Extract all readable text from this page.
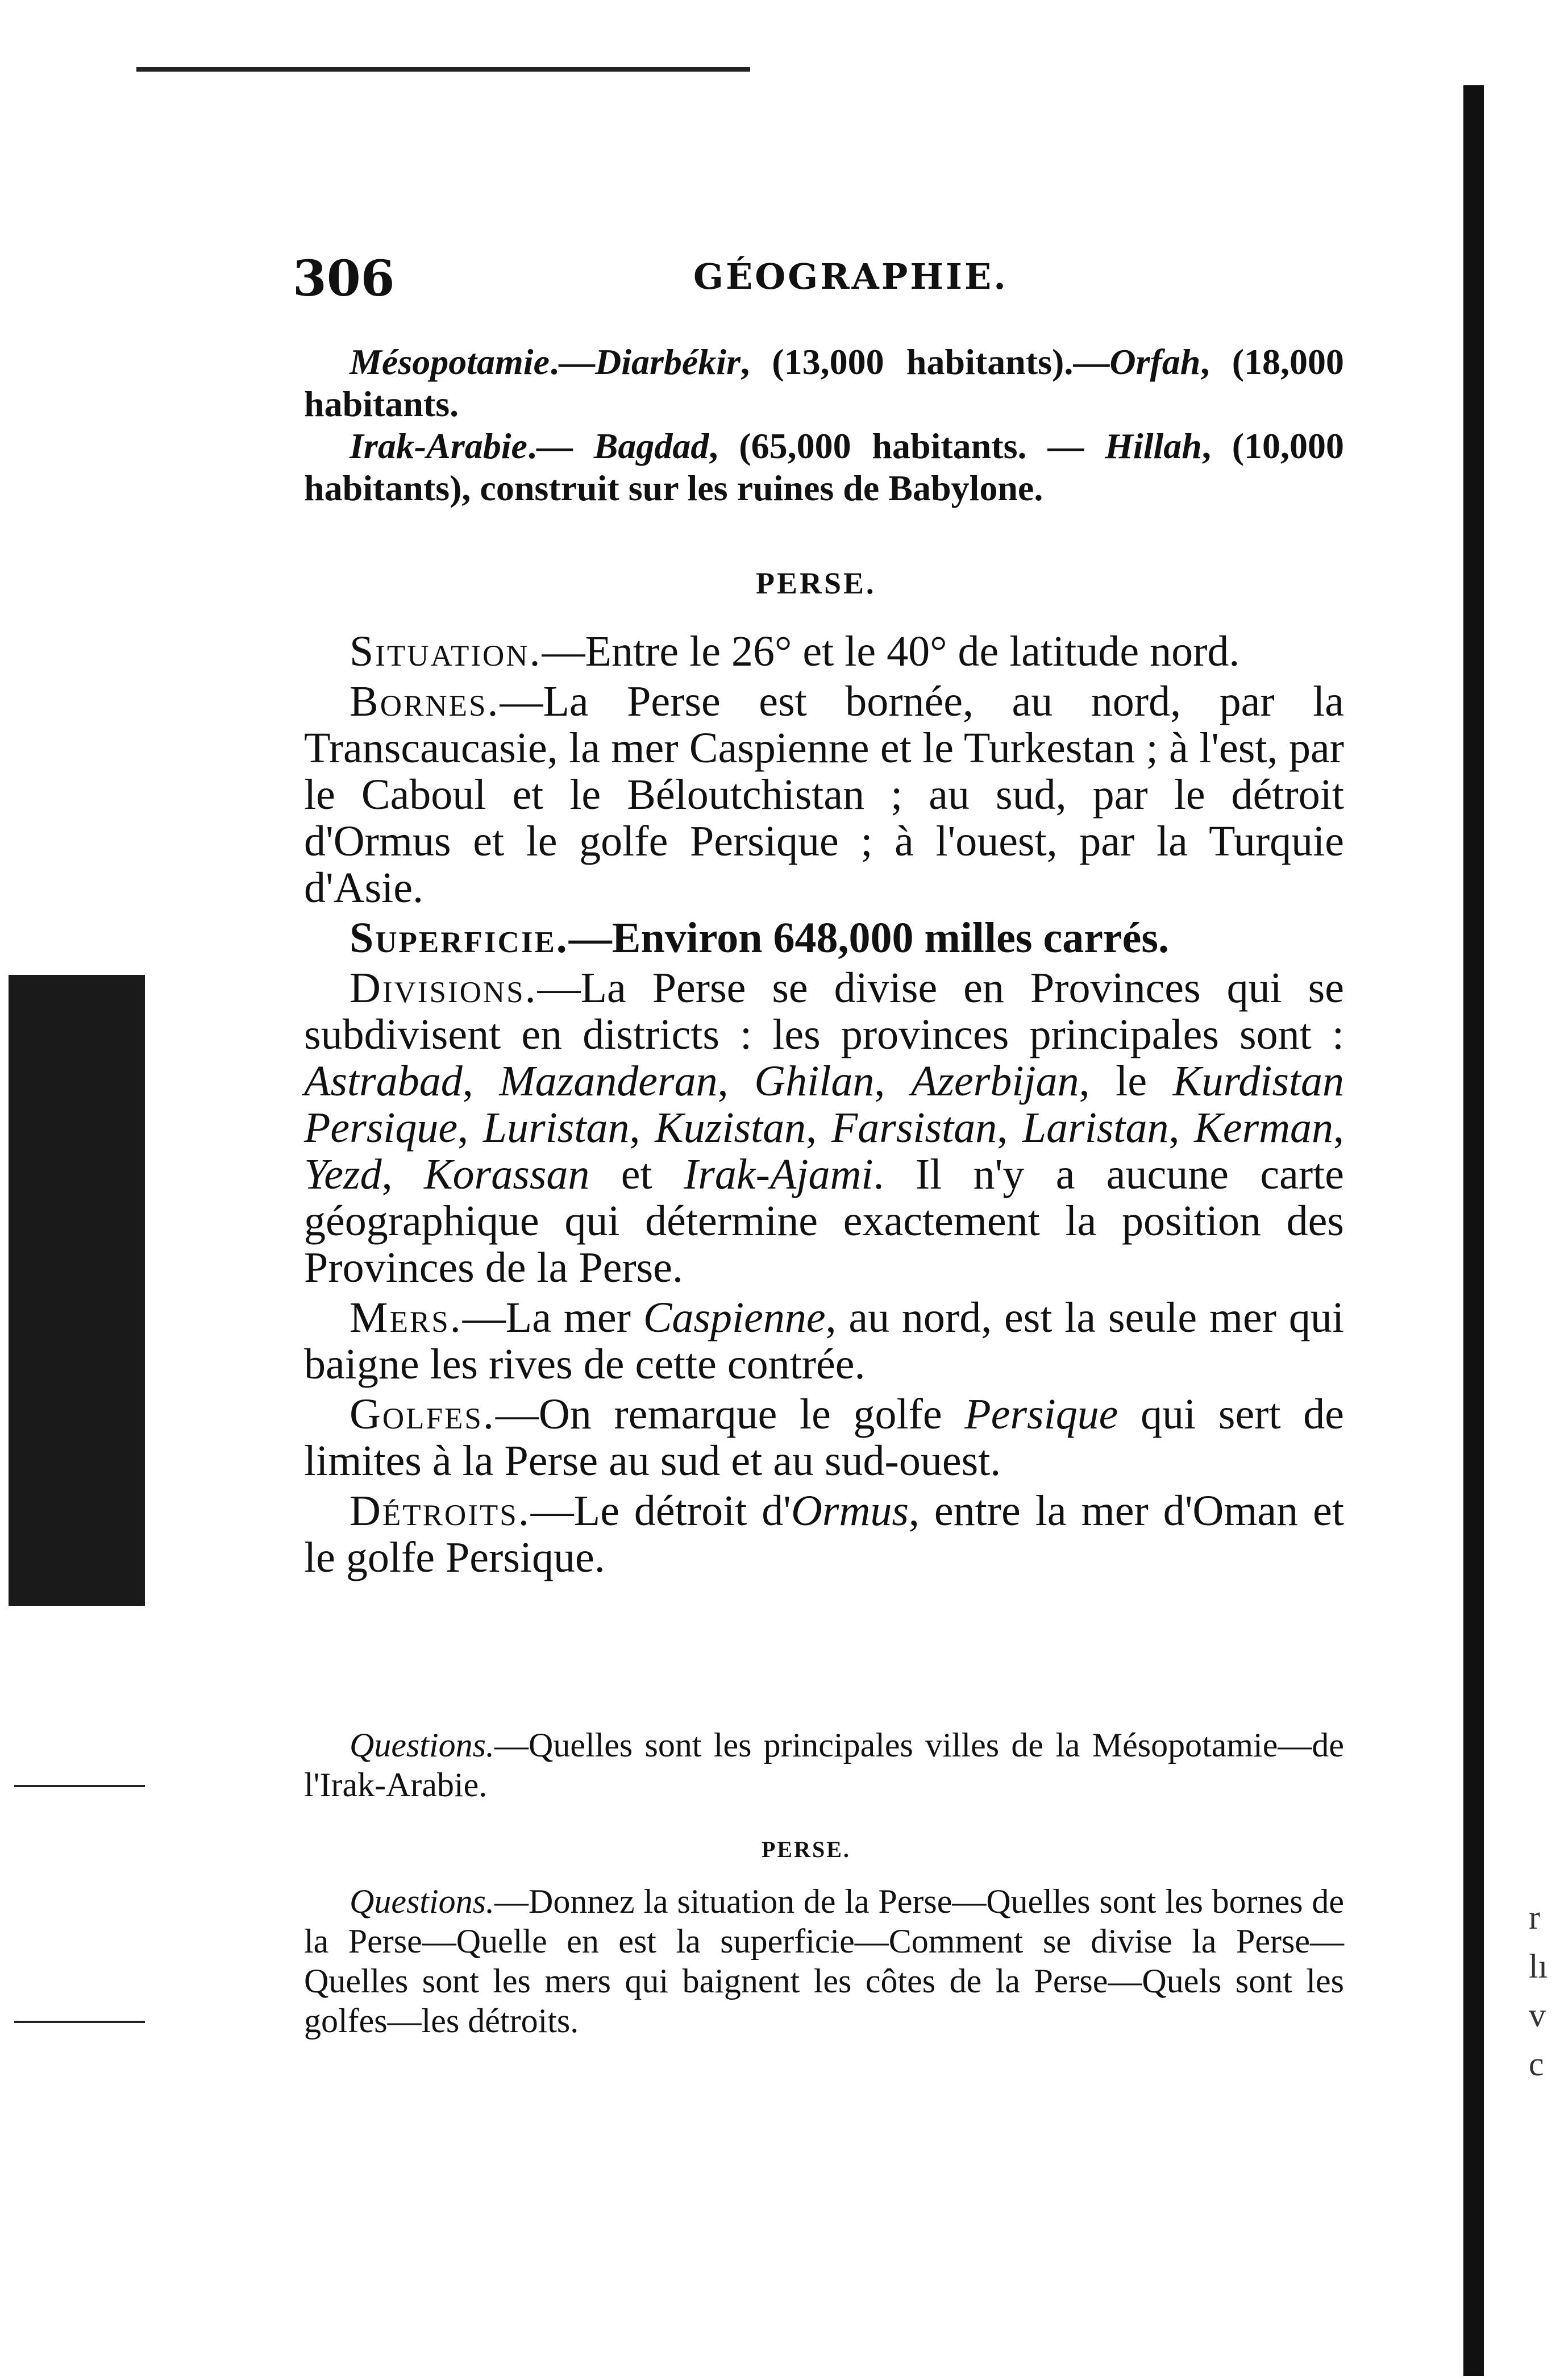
306	GÉOGRAPHIE.

Mésopotamie.—Diarbékir, (13,000 habitants).—Orfah, (18,000 habitants.

Irak-Arabie.— Bagdad, (65,000 habitants. — Hillah, (10,000 habitants), construit sur les ruines de Babylone.

PERSE.

Situation.—Entre le 26° et le 40° de latitude nord.

Bornes.—La Perse est bornée, au nord, par la Transcaucasie, la mer Caspienne et le Turkestan ; à l'est, par le Caboul et le Béloutchistan ; au sud, par le détroit d'Ormus et le golfe Persique ; à l'ouest, par la Turquie d'Asie.

Superficie.—Environ 648,000 milles carrés.

Divisions.—La Perse se divise en Provinces qui se subdivisent en districts : les provinces principales sont : Astrabad, Mazanderan, Ghilan, Azerbijan, le Kurdistan Persique, Luristan, Kuzistan, Farsistan, Laristan, Kerman, Yezd, Korassan et Irak-Ajami. Il n'y a aucune carte géographique qui détermine exactement la position des Provinces de la Perse.

Mers.—La mer Caspienne, au nord, est la seule mer qui baigne les rives de cette contrée.

Golfes.—On remarque le golfe Persique qui sert de limites à la Perse au sud et au sud-ouest.

Détroits.—Le détroit d'Ormus, entre la mer d'Oman et le golfe Persique.

Questions.—Quelles sont les principales villes de la Mésopotamie—de l'Irak-Arabie.

PERSE.

Questions.—Donnez la situation de la Perse—Quelles sont les bornes de la Perse—Quelle en est la superficie—Comment se divise la Perse—Quelles sont les mers qui baignent les côtes de la Perse—Quels sont les golfes—les détroits.

r
lı
v
c
